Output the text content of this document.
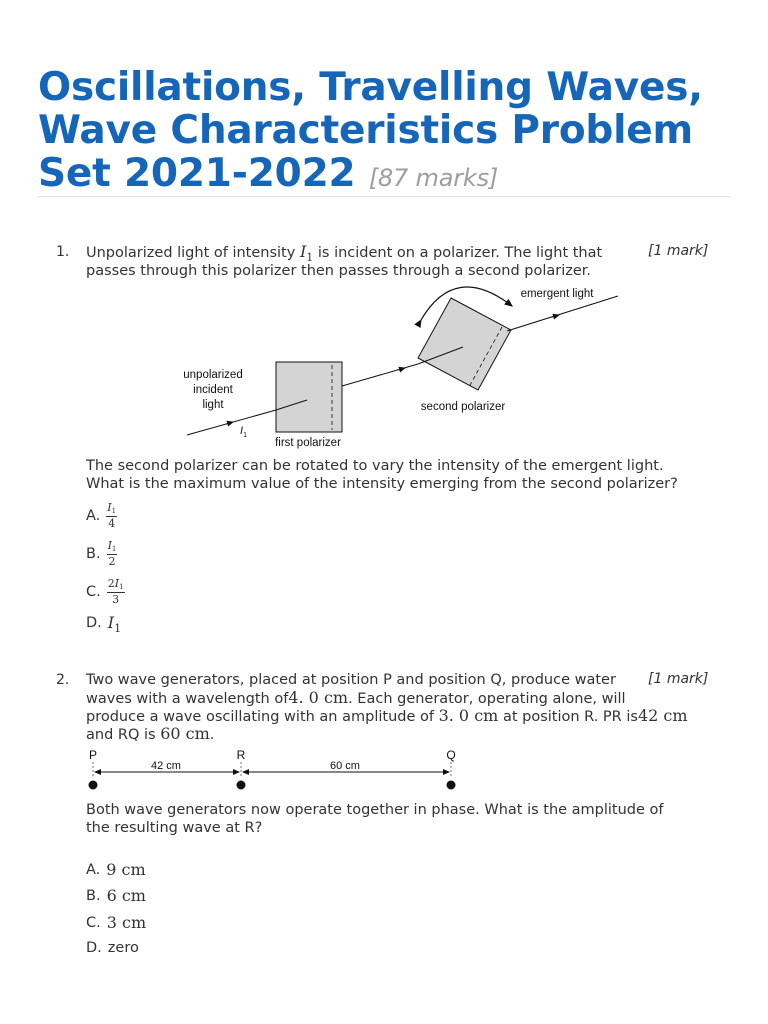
Oscillations, Travelling Waves, Wave Characteristics Problem Set 2021-2022 [87 marks]
1.	[1 mark]

Unpolarized light of intensity $I_1$ is incident on a polarizer. The light that

passes through this polarizer then passes through a second polarizer.

unpolarized
incident
light
$I_1$
first polarizer
second polarizer
emergent light

The second polarizer can be rotated to vary the intensity of the emergent light.

What is the maximum value of the intensity emerging from the second polarizer?

A. $\frac{I1}{4}$
B. $\frac{I1}{2}$
C. $\frac{2I1}{3}$
D. $I_1$
2.	[1 mark]

Two wave generators, placed at position P and position Q, produce water

waves with a wavelength of4. 0 cm. Each generator, operating alone, will

produce a wave oscillating with an amplitude of 3. 0 cm at position R. PR is42 cm

and RQ is 60 cm.

P	R	Q
42 cm	60 cm

Both wave generators now operate together in phase. What is the amplitude of

the resulting wave at R?

A. 9 cm
B. 6 cm
C. 3 cm
D. zero
